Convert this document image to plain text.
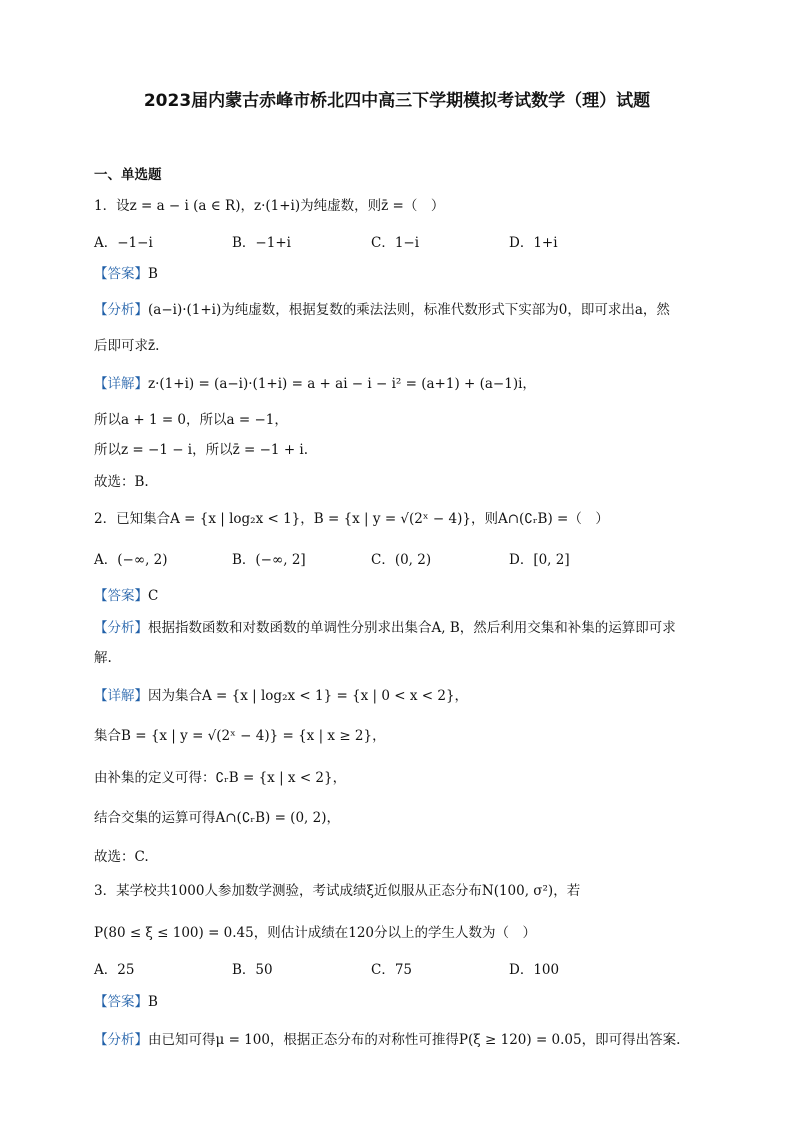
2023届内蒙古赤峰市桥北四中高三下学期模拟考试数学（理）试题
一、单选题
1．设z = a − i (a ∈ R)，z·(1+i)为纯虚数，则z̄ =（　）
A．−1−i	B．−1+i	C．1−i	D．1+i
【答案】B
【分析】(a−i)·(1+i)为纯虚数，根据复数的乘法法则，标准代数形式下实部为0，即可求出a，然
后即可求z̄.
【详解】z·(1+i) = (a−i)·(1+i) = a + ai − i − i² = (a+1) + (a−1)i，
所以a + 1 = 0，所以a = −1，
所以z = −1 − i，所以z̄ = −1 + i.
故选：B.
2．已知集合A = {x | log₂x < 1}，B = {x | y = √(2ˣ − 4)}，则A∩(∁ᵣB) =（　）
A．(−∞, 2)	B．(−∞, 2]	C．(0, 2)	D．[0, 2]
【答案】C
【分析】根据指数函数和对数函数的单调性分别求出集合A, B，然后利用交集和补集的运算即可求
解.
【详解】因为集合A = {x | log₂x < 1} = {x | 0 < x < 2}，
集合B = {x | y = √(2ˣ − 4)} = {x | x ≥ 2}，
由补集的定义可得：∁ᵣB = {x | x < 2}，
结合交集的运算可得A∩(∁ᵣB) = (0, 2)，
故选：C.
3．某学校共1000人参加数学测验，考试成绩ξ近似服从正态分布N(100, σ²)，若
P(80 ≤ ξ ≤ 100) = 0.45，则估计成绩在120分以上的学生人数为（　）
A．25	B．50	C．75	D．100
【答案】B
【分析】由已知可得μ = 100，根据正态分布的对称性可推得P(ξ ≥ 120) = 0.05，即可得出答案.
